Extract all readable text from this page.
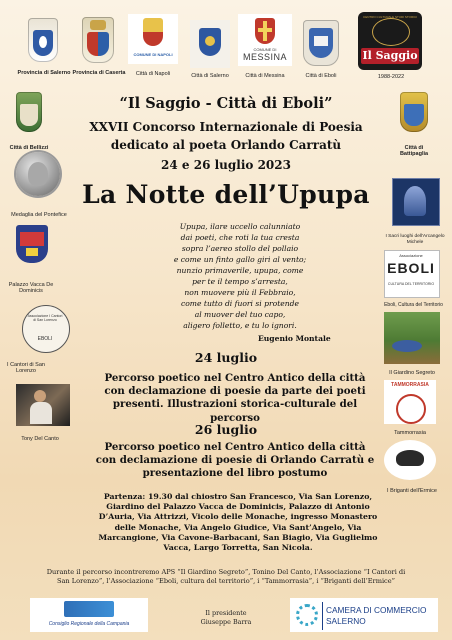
Provincia di Salerno Provincia di Caserta
COMUNE DI NAPOLI
Città di Napoli	Città di Salerno
COMUNE DI
MESSINA
Città di Messina	Città di Eboli
CENTRO CULTURALE STUDI STORICI
Il Saggio
1988-2022
Città di Bellizzi
Medaglia del Pontefice
Palazzo Vacca De Dominicis
Associazione I Cantori di San Lorenzo
EBOLI
I Cantori di San Lorenzo
Tony Del Canto
Città di Battipaglia
I Sacri luoghi dell'Arcangelo Michele
Associazione
EBOLI
CULTURA DEL TERRITORIO
Eboli, Cultura del Territorio
Il Giardino Segreto
TAMMORRASIA
Tammorrasia
I Briganti dell'Ermice
“Il Saggio - Città di Eboli”
XXVII Concorso Internazionale di Poesia
dedicato al poeta Orlando Carratù
24 e 26 luglio 2023
La Notte dell’Upupa
Upupa, ilare uccello calunniato
dai poeti, che roti la tua cresta
sopra l’aereo stollo del pollaio
e come un finto gallo giri al vento;
nunzio primaverile, upupa, come
per te il tempo s’arresta,
non muovere più il Febbraio,
come tutto di fuori si protende
al muover del tuo capo,
aligero folletto, e tu lo ignori.
Eugenio Montale
24 luglio
Percorso poetico nel Centro Antico della città con declamazione di poesie da parte dei poeti presenti. Illustrazioni storica-culturale del percorso
26 luglio
Percorso poetico nel Centro Antico della città con declamazione di poesie di Orlando Carratù e presentazione del libro postumo
Partenza: 19.30 dal chiostro San Francesco, Via San Lorenzo, Giardino del Palazzo Vacca de Dominicis, Palazzo di Antonio D’Auria, Via Attrizzi, Vicolo delle Monache, ingresso Monastero delle Monache, Via Angelo Giudice, Via Sant’Angelo, Via Marcangione, Via Cavone-Barbacani, San Biagio, Via Guglielmo Vacca, Largo Torretta, San Nicola.
Durante il percorso incontreremo APS “Il Giardino Segreto”, Tonino Del Canto, l’Associazione “I Cantori di San Lorenzo”, l’Associazione “Eboli, cultura del territorio”, i “Tammorrasia”, i “Briganti dell’Ermice”
Consiglio Regionale della Campania
Il presidente
Giuseppe Barra
CAMERA DI COMMERCIO
SALERNO
